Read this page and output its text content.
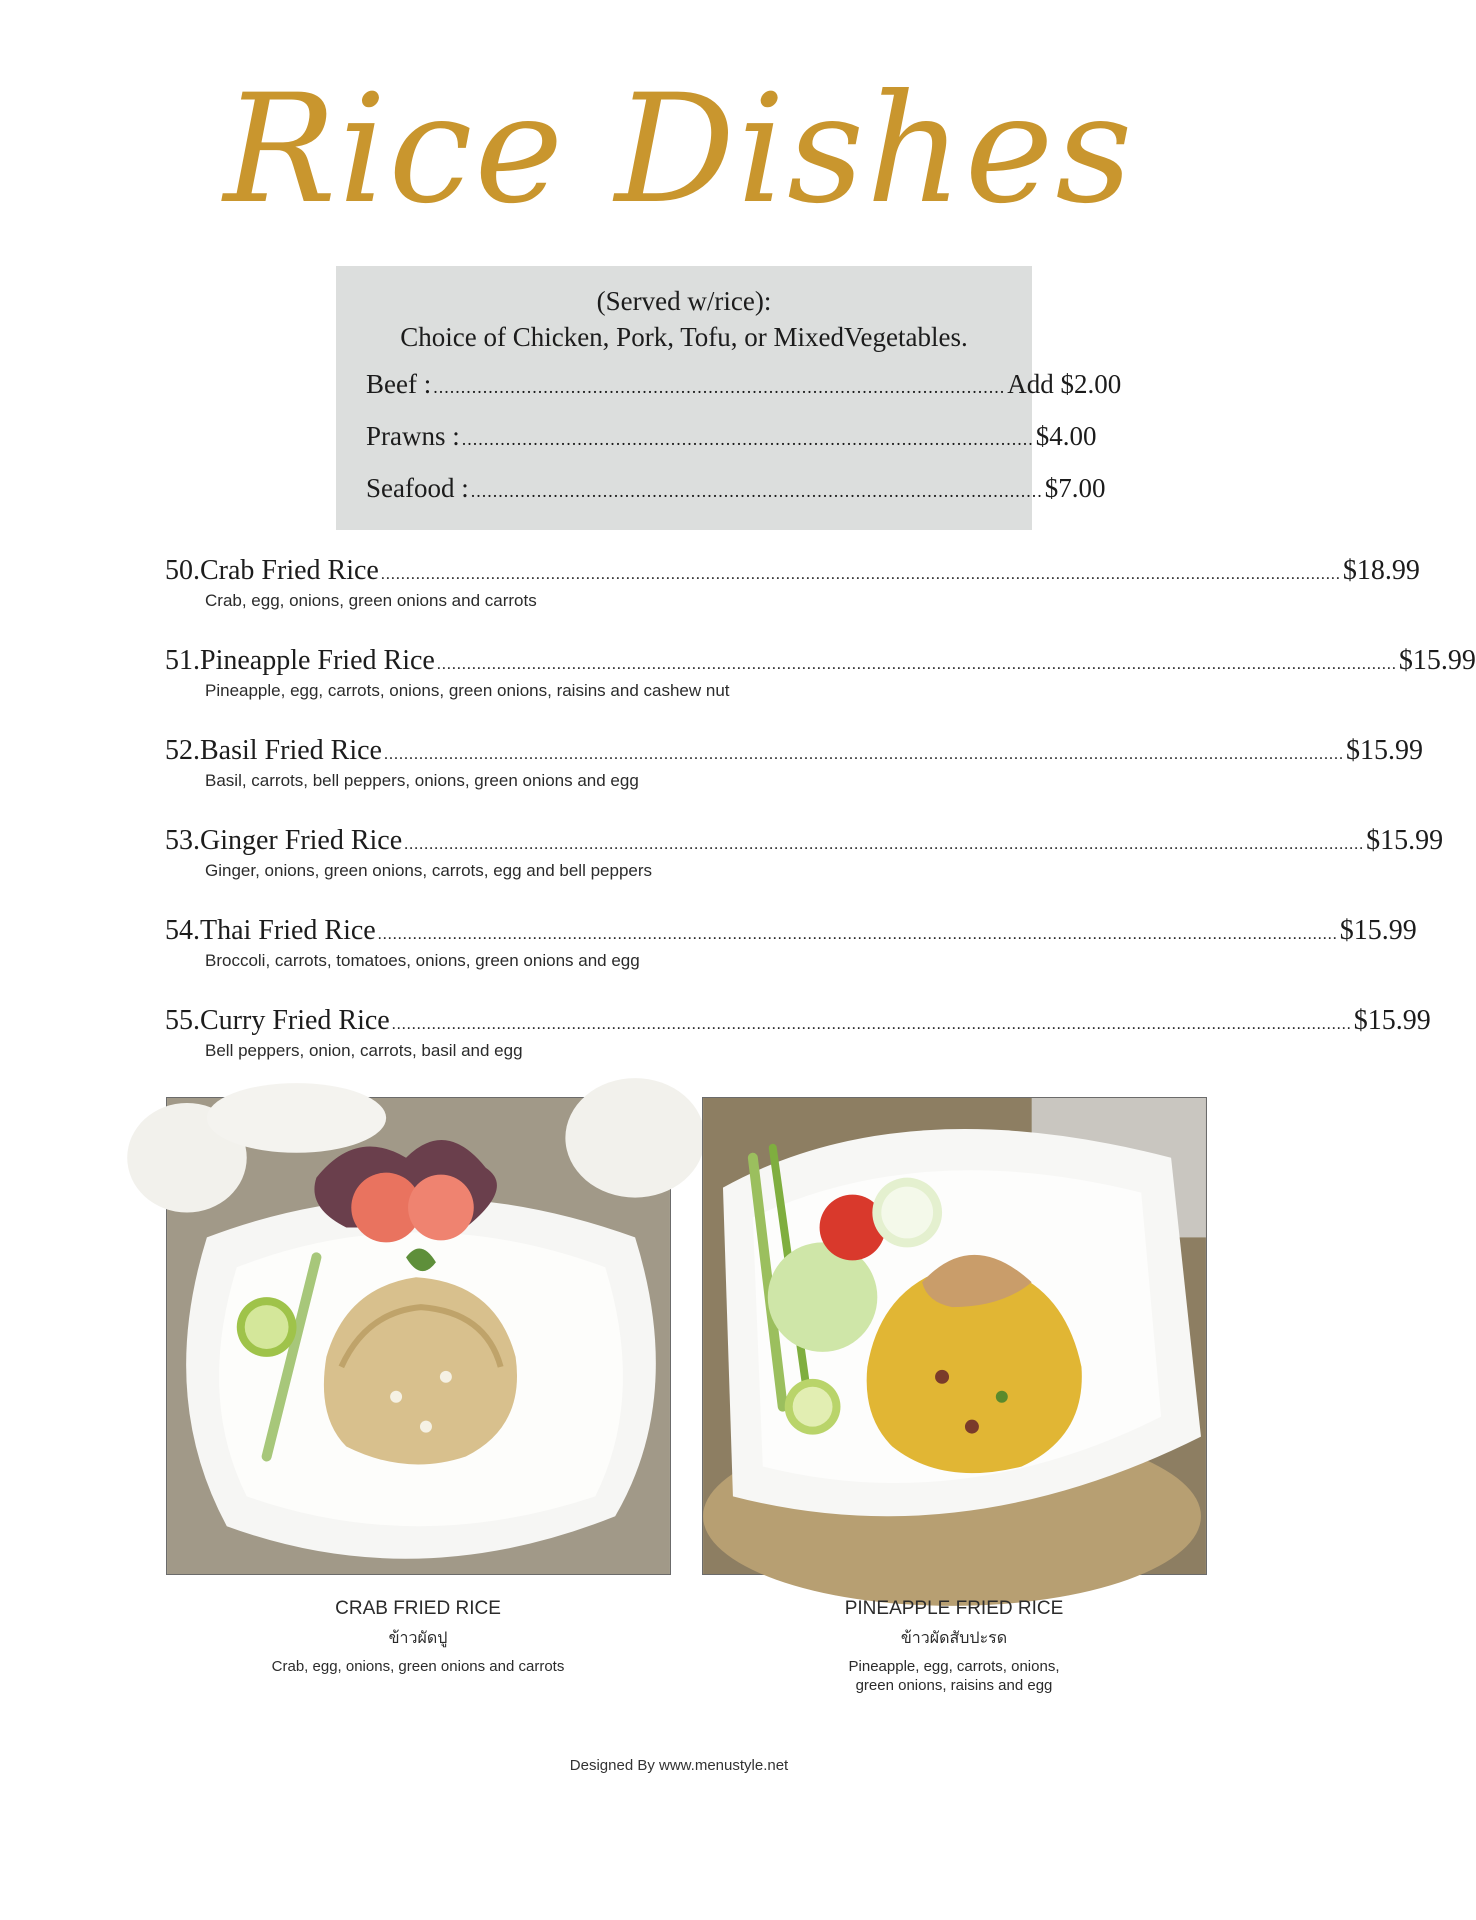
Rice Dishes
(Served w/rice):
Choice of Chicken, Pork, Tofu, or MixedVegetables.
Beef : ........................................................................................................ Add $2.00
Prawns : ........................................................................................................ $4.00
Seafood : ........................................................................................................ $7.00
50. Crab Fried Rice ................................................................................................................................................................................................ $18.99
Crab, egg, onions, green onions and carrots
51. Pineapple Fried Rice ................................................................................................................................................................................................ $15.99
Pineapple, egg, carrots, onions, green onions, raisins and cashew nut
52. Basil Fried Rice ................................................................................................................................................................................................ $15.99
Basil, carrots, bell peppers, onions, green onions and egg
53. Ginger Fried Rice ................................................................................................................................................................................................ $15.99
Ginger, onions, green onions, carrots, egg and bell peppers
54. Thai Fried Rice ................................................................................................................................................................................................ $15.99
Broccoli, carrots, tomatoes, onions, green onions and egg
55. Curry Fried Rice ................................................................................................................................................................................................ $15.99
Bell peppers, onion, carrots, basil and egg
CRAB FRIED RICE
ข้าวผัดปู
Crab, egg, onions, green onions and carrots
PINEAPPLE FRIED RICE
ข้าวผัดสับปะรด
Pineapple, egg, carrots, onions,
green onions, raisins and egg
Designed By www.menustyle.net
